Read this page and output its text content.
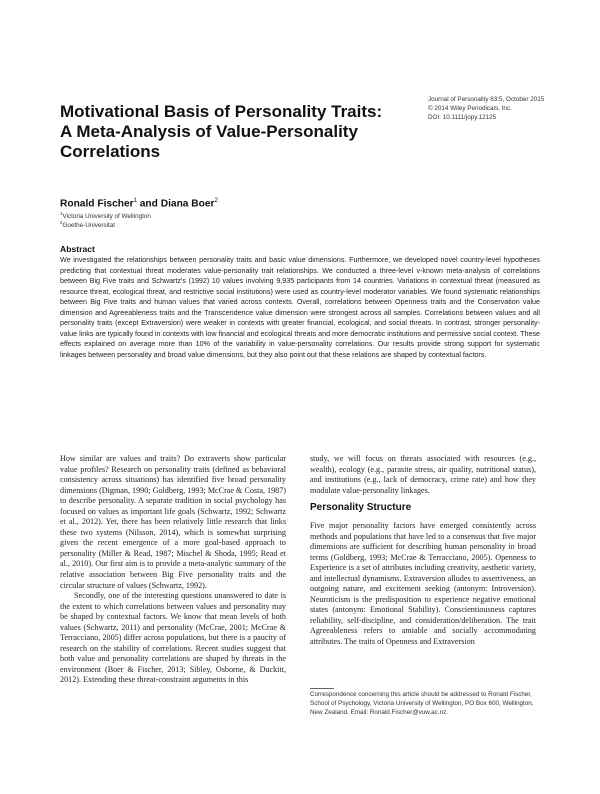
Motivational Basis of Personality Traits: A Meta-Analysis of Value-Personality Correlations
Journal of Personality 83:5, October 2015
© 2014 Wiley Periodicals, Inc.
DOI: 10.1111/jopy.12125
Ronald Fischer$^1$ and Diana Boer$^2$
$^1$Victoria University of Wellington
$^2$Goethe-Universitat
Abstract

We investigated the relationships between personality traits and basic value dimensions. Furthermore, we developed novel country-level hypotheses predicting that contextual threat moderates value-personality trait relationships. We conducted a three-level v-known meta-analysis of correlations between Big Five traits and Schwartz's (1992) 10 values involving 9,935 participants from 14 countries. Variations in contextual threat (measured as resource threat, ecological threat, and restrictive social institutions) were used as country-level moderator variables. We found systematic relationships between Big Five traits and human values that varied across contexts. Overall, correlations between Openness traits and the Conservation value dimension and Agreeableness traits and the Transcendence value dimension were strongest across all samples. Correlations between values and all personality traits (except Extraversion) were weaker in contexts with greater financial, ecological, and social threats. In contrast, stronger personality-value links are typically found in contexts with low financial and ecological threats and more democratic institutions and permissive social context. These effects explained on average more than 10% of the variability in value-personality correlations. Our results provide strong support for systematic linkages between personality and broad value dimensions, but they also point out that these relations are shaped by contextual factors.

How similar are values and traits? Do extraverts show particular value profiles? Research on personality traits (defined as behavioral consistency across situations) has identified five broad personality dimensions (Digman, 1990; Goldberg, 1993; McCrae & Costa, 1987) to describe personality. A separate tradition in social psychology has focused on values as important life goals (Schwartz, 1992; Schwartz et al., 2012). Yet, there has been relatively little research that links these two systems (Nilsson, 2014), which is somewhat surprising given the recent emergence of a more goal-based approach to personality (Miller & Read, 1987; Mischel & Shoda, 1995; Read et al., 2010). Our first aim is to provide a meta-analytic summary of the relative association between Big Five personality traits and the circular structure of values (Schwartz, 1992).

Secondly, one of the interesting questions unanswered to date is the extent to which correlations between values and personality may be shaped by contextual factors. We know that mean levels of both values (Schwartz, 2011) and personality (McCrae, 2001; McCrae & Terracciano, 2005) differ across populations, but there is a paucity of research on the stability of correlations. Recent studies suggest that both value and personality correlations are shaped by threats in the environment (Boer & Fischer, 2013; Sibley, Osborne, & Duckitt, 2012). Extending these threat-constraint arguments in this

study, we will focus on threats associated with resources (e.g., wealth), ecology (e.g., parasite stress, air quality, nutritional status), and institutions (e.g., lack of democracy, crime rate) and how they modulate value-personality linkages.

Personality Structure

Five major personality factors have emerged consistently across methods and populations that have led to a consensus that five major dimensions are sufficient for describing human personality in broad terms (Goldberg, 1993; McCrae & Terracciano, 2005). Openness to Experience is a set of attributes including creativity, aesthetic variety, and intellectual dynamisms. Extraversion alludes to assertiveness, an outgoing nature, and excitement seeking (antonym: Introversion). Neuroticism is the predisposition to experience negative emotional states (antonym: Emotional Stability). Conscientiousness captures reliability, self-discipline, and consideration/deliberation. The trait Agreeableness refers to amiable and socially accommodating attributes. The traits of Openness and Extraversion

Correspondence concerning this article should be addressed to Ronald Fischer, School of Psychology, Victoria University of Wellington, PO Box 600, Wellington, New Zealand. Email: Ronald.Fischer@vuw.ac.nz.
